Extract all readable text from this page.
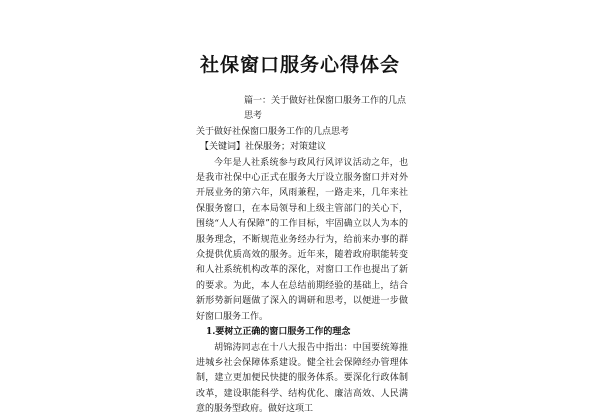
社保窗口服务心得体会

篇一：关于做好社保窗口服务工作的几点思考

关于做好社保窗口服务工作的几点思考

【关键词】社保服务；对策建议

今年是人社系统参与政风行风评议活动之年，也是我市社保中心正式在服务大厅设立服务窗口并对外开展业务的第六年，风雨兼程，一路走来，几年来社保服务窗口，在本局领导和上级主管部门的关心下，围绕“人人有保障”的工作目标，牢固确立以人为本的服务理念，不断规范业务经办行为，给前来办事的群众提供优质高效的服务。近年来，随着政府职能转变和人社系统机构改革的深化，对窗口工作也提出了新的要求。为此，本人在总结前期经验的基础上，结合新形势新问题做了深入的调研和思考，以便进一步做好窗口服务工作。

1.要树立正确的窗口服务工作的理念

胡锦涛同志在十八大报告中指出：中国要统筹推进城乡社会保障体系建设。健全社会保障经办管理体制，建立更加便民快捷的服务体系。要深化行政体制改革，建设职能科学、结构优化、廉洁高效、人民满意的服务型政府。做好这项工
